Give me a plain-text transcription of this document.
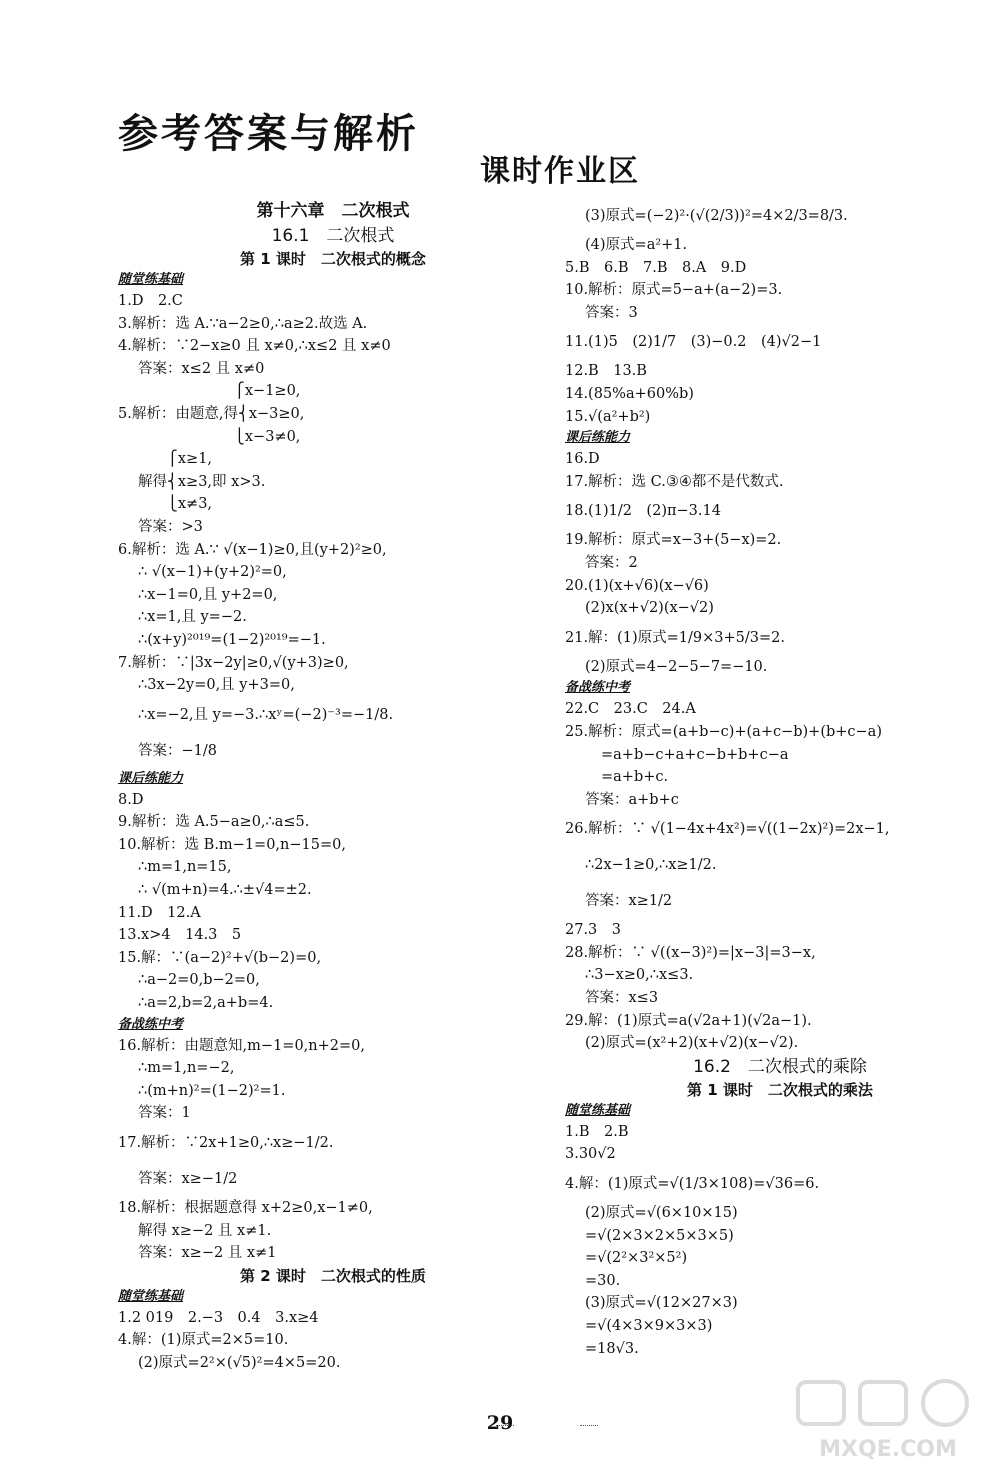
参考答案与解析
课时作业区
第十六章　二次根式
16.1　二次根式
第 1 课时　二次根式的概念
随堂练基础
1.D　2.C
3.解析：选 A.∵a−2≥0,∴a≥2.故选 A.
4.解析：∵2−x≥0 且 x≠0,∴x≤2 且 x≠0
答案：x≤2 且 x≠0
　　　　　　　　⎧x−1≥0,
5.解析：由题意,得⎨x−3≥0,
　　　　　　　　⎩x−3≠0,
　　⎧x≥1,
解得⎨x≥3,即 x>3.
　　⎩x≠3,
答案：>3
6.解析：选 A.∵ √(x−1)≥0,且(y+2)²≥0,
∴ √(x−1)+(y+2)²=0,
∴x−1=0,且 y+2=0,
∴x=1,且 y=−2.
∴(x+y)²⁰¹⁹=(1−2)²⁰¹⁹=−1.
7.解析：∵|3x−2y|≥0,√(y+3)≥0,
∴3x−2y=0,且 y+3=0,
∴x=−2,且 y=−3.∴xʸ=(−2)⁻³=−1/8.
答案：−1/8
课后练能力
8.D
9.解析：选 A.5−a≥0,∴a≤5.
10.解析：选 B.m−1=0,n−15=0,
∴m=1,n=15,
∴ √(m+n)=4.∴±√4=±2.
11.D　12.A
13.x>4　14.3　5
15.解：∵(a−2)²+√(b−2)=0,
∴a−2=0,b−2=0,
∴a=2,b=2,a+b=4.
备战练中考
16.解析：由题意知,m−1=0,n+2=0,
∴m=1,n=−2,
∴(m+n)²=(1−2)²=1.
答案：1
17.解析：∵2x+1≥0,∴x≥−1/2.
答案：x≥−1/2
18.解析：根据题意得 x+2≥0,x−1≠0,
解得 x≥−2 且 x≠1.
答案：x≥−2 且 x≠1
第 2 课时　二次根式的性质
随堂练基础
1.2 019　2.−3　0.4　3.x≥4
4.解：(1)原式=2×5=10.
(2)原式=2²×(√5)²=4×5=20.
(3)原式=(−2)²·(√(2/3))²=4×2/3=8/3.
(4)原式=a²+1.
5.B　6.B　7.B　8.A　9.D
10.解析：原式=5−a+(a−2)=3.
答案：3
11.(1)5　(2)1/7　(3)−0.2　(4)√2−1
12.B　13.B
14.(85%a+60%b)
15.√(a²+b²)
课后练能力
16.D
17.解析：选 C.③④都不是代数式.
18.(1)1/2　(2)π−3.14
19.解析：原式=x−3+(5−x)=2.
答案：2
20.(1)(x+√6)(x−√6)
(2)x(x+√2)(x−√2)
21.解：(1)原式=1/9×3+5/3=2.
(2)原式=4−2−5−7=−10.
备战练中考
22.C　23.C　24.A
25.解析：原式=(a+b−c)+(a+c−b)+(b+c−a)
=a+b−c+a+c−b+b+c−a
=a+b+c.
答案：a+b+c
26.解析：∵ √(1−4x+4x²)=√((1−2x)²)=2x−1,
∴2x−1≥0,∴x≥1/2.
答案：x≥1/2
27.3　3
28.解析：∵ √((x−3)²)=|x−3|=3−x,
∴3−x≥0,∴x≤3.
答案：x≤3
29.解：(1)原式=a(√2a+1)(√2a−1).
(2)原式=(x²+2)(x+√2)(x−√2).
16.2　二次根式的乘除
第 1 课时　二次根式的乘法
随堂练基础
1.B　2.B
3.30√2
4.解：(1)原式=√(1/3×108)=√36=6.
(2)原式=√(6×10×15)
=√(2×3×2×5×3×5)
=√(2²×3²×5²)
=30.
(3)原式=√(12×27×3)
=√(4×3×9×3×3)
=18√3.
29
MXQE.COM
